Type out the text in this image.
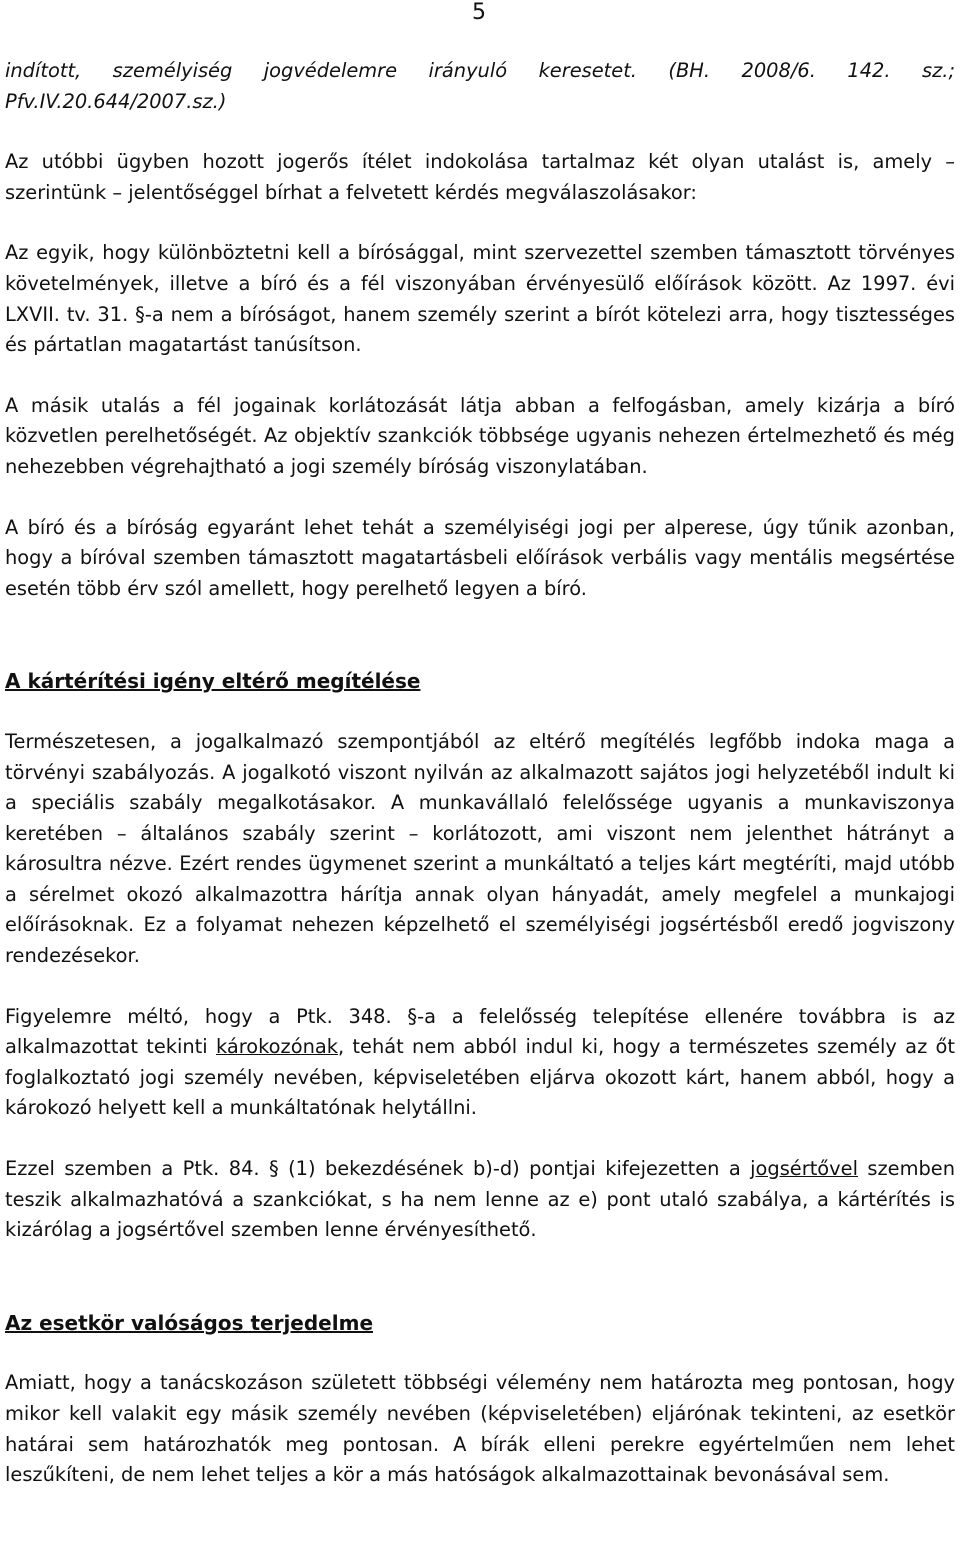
5

indított, személyiség jogvédelemre irányuló keresetet. (BH. 2008/6. 142. sz.; Pfv.IV.20.644/2007.sz.)

Az utóbbi ügyben hozott jogerős ítélet indokolása tartalmaz két olyan utalást is, amely – szerintünk – jelentőséggel bírhat a felvetett kérdés megválaszolásakor:

Az egyik, hogy különböztetni kell a bírósággal, mint szervezettel szemben támasztott törvényes követelmények, illetve a bíró és a fél viszonyában érvényesülő előírások között. Az 1997. évi LXVII. tv. 31. §-a nem a bíróságot, hanem személy szerint a bírót kötelezi arra, hogy tisztességes és pártatlan magatartást tanúsítson.

A másik utalás a fél jogainak korlátozását látja abban a felfogásban, amely kizárja a bíró közvetlen perelhetőségét. Az objektív szankciók többsége ugyanis nehezen értelmezhető és még nehezebben végrehajtható a jogi személy bíróság viszonylatában.

A bíró és a bíróság egyaránt lehet tehát a személyiségi jogi per alperese, úgy tűnik azonban, hogy a bíróval szemben támasztott magatartásbeli előírások verbális vagy mentális megsértése esetén több érv szól amellett, hogy perelhető legyen a bíró.

A kártérítési igény eltérő megítélése

Természetesen, a jogalkalmazó szempontjából az eltérő megítélés legfőbb indoka maga a törvényi szabályozás. A jogalkotó viszont nyilván az alkalmazott sajátos jogi helyzetéből indult ki a speciális szabály megalkotásakor. A munkavállaló felelőssége ugyanis a munkaviszonya keretében – általános szabály szerint – korlátozott, ami viszont nem jelenthet hátrányt a károsultra nézve. Ezért rendes ügymenet szerint a munkáltató a teljes kárt megtéríti, majd utóbb a sérelmet okozó alkalmazottra hárítja annak olyan hányadát, amely megfelel a munkajogi előírásoknak. Ez a folyamat nehezen képzelhető el személyiségi jogsértésből eredő jogviszony rendezésekor.

Figyelemre méltó, hogy a Ptk. 348. §-a a felelősség telepítése ellenére továbbra is az alkalmazottat tekinti károkozónak, tehát nem abból indul ki, hogy a természetes személy az őt foglalkoztató jogi személy nevében, képviseletében eljárva okozott kárt, hanem abból, hogy a károkozó helyett kell a munkáltatónak helytállni.

Ezzel szemben a Ptk. 84. § (1) bekezdésének b)-d) pontjai kifejezetten a jogsértővel szemben teszik alkalmazhatóvá a szankciókat, s ha nem lenne az e) pont utaló szabálya, a kártérítés is kizárólag a jogsértővel szemben lenne érvényesíthető.

Az esetkör valóságos terjedelme

Amiatt, hogy a tanácskozáson született többségi vélemény nem határozta meg pontosan, hogy mikor kell valakit egy másik személy nevében (képviseletében) eljárónak tekinteni, az esetkör határai sem határozhatók meg pontosan. A bírák elleni perekre egyértelműen nem lehet leszűkíteni, de nem lehet teljes a kör a más hatóságok alkalmazottainak bevonásával sem.
